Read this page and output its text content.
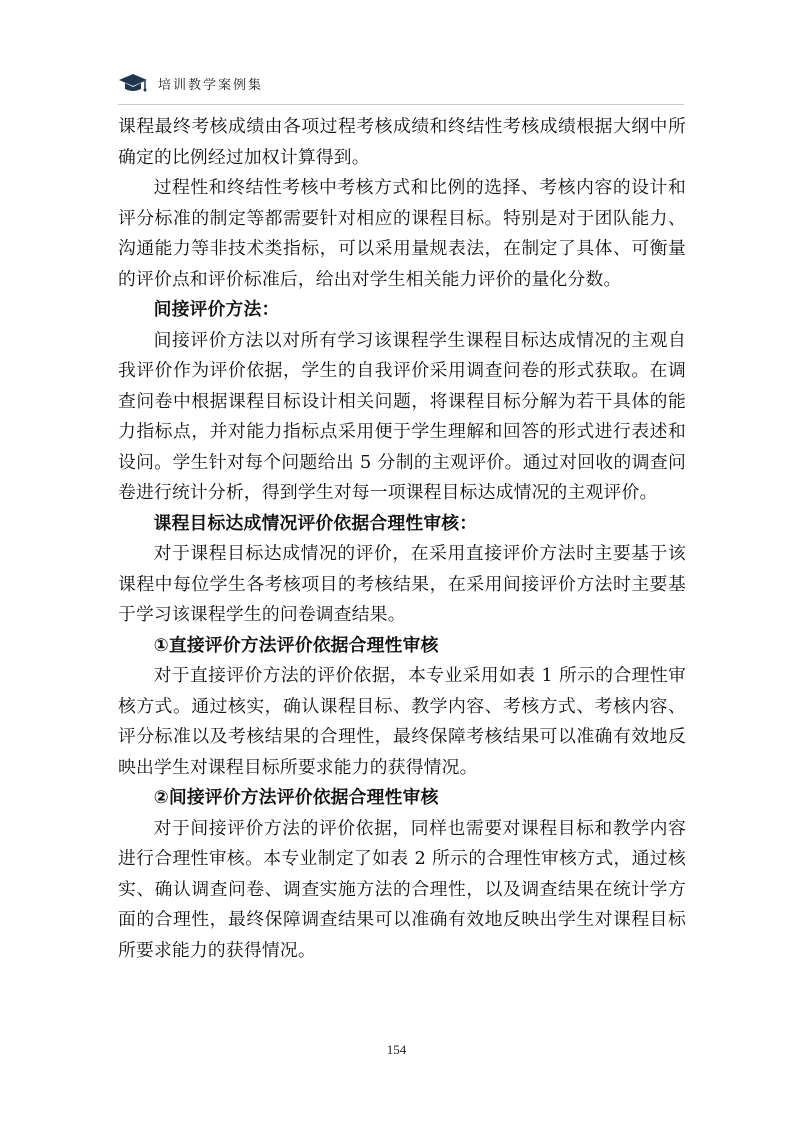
培训教学案例集

课程最终考核成绩由各项过程考核成绩和终结性考核成绩根据大纲中所确定的比例经过加权计算得到。

过程性和终结性考核中考核方式和比例的选择、考核内容的设计和评分标准的制定等都需要针对相应的课程目标。特别是对于团队能力、沟通能力等非技术类指标，可以采用量规表法，在制定了具体、可衡量的评价点和评价标准后，给出对学生相关能力评价的量化分数。

间接评价方法：

间接评价方法以对所有学习该课程学生课程目标达成情况的主观自我评价作为评价依据，学生的自我评价采用调查问卷的形式获取。在调查问卷中根据课程目标设计相关问题，将课程目标分解为若干具体的能力指标点，并对能力指标点采用便于学生理解和回答的形式进行表述和设问。学生针对每个问题给出 5 分制的主观评价。通过对回收的调查问卷进行统计分析，得到学生对每一项课程目标达成情况的主观评价。

课程目标达成情况评价依据合理性审核：

对于课程目标达成情况的评价，在采用直接评价方法时主要基于该课程中每位学生各考核项目的考核结果，在采用间接评价方法时主要基于学习该课程学生的问卷调查结果。

①直接评价方法评价依据合理性审核

对于直接评价方法的评价依据，本专业采用如表 1 所示的合理性审核方式。通过核实，确认课程目标、教学内容、考核方式、考核内容、评分标准以及考核结果的合理性，最终保障考核结果可以准确有效地反映出学生对课程目标所要求能力的获得情况。

②间接评价方法评价依据合理性审核

对于间接评价方法的评价依据，同样也需要对课程目标和教学内容进行合理性审核。本专业制定了如表 2 所示的合理性审核方式，通过核实、确认调查问卷、调查实施方法的合理性，以及调查结果在统计学方面的合理性，最终保障调查结果可以准确有效地反映出学生对课程目标所要求能力的获得情况。

154
